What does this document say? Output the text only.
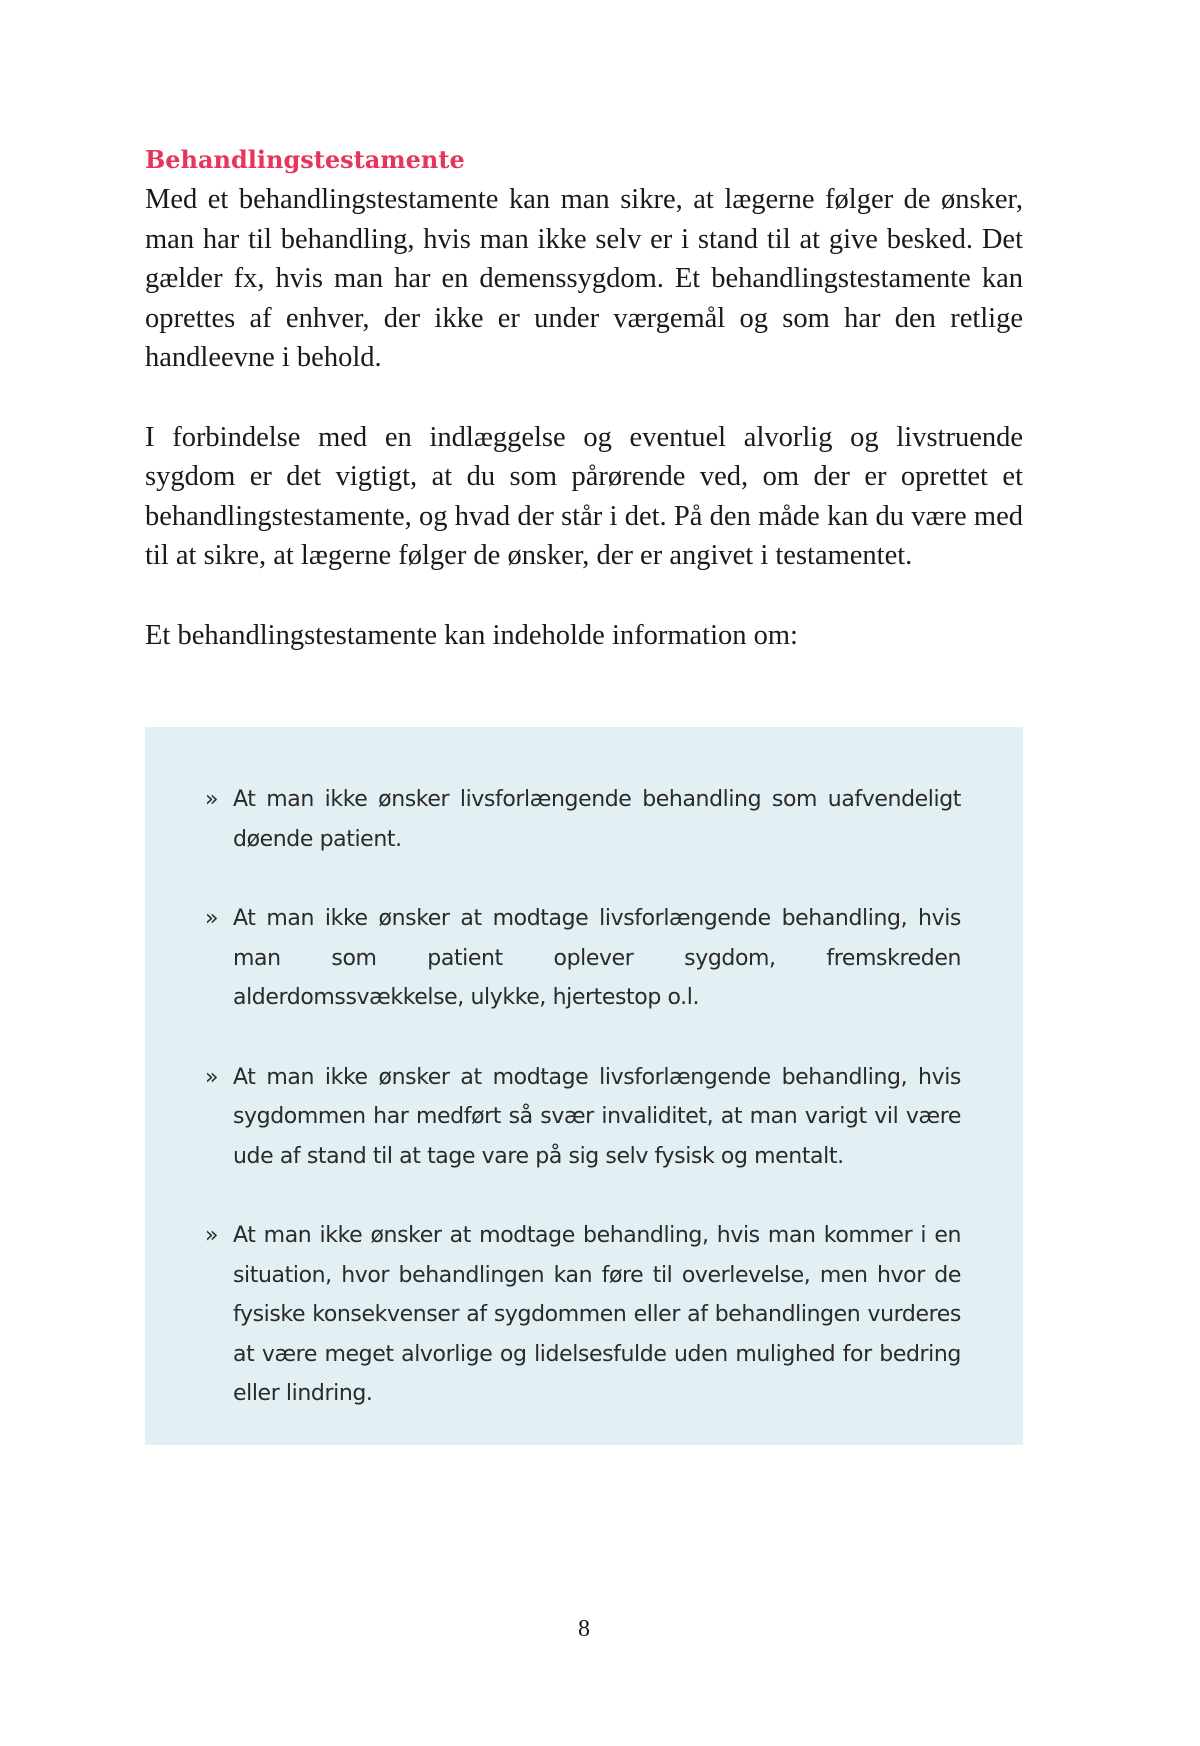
Behandlingstestamente

Med et behandlingstestamente kan man sikre, at lægerne følger de ønsker, man har til behandling, hvis man ikke selv er i stand til at give besked. Det gælder fx, hvis man har en demenssygdom. Et behandlingstestamente kan oprettes af enhver, der ikke er under værgemål og som har den retlige handleevne i behold.

I forbindelse med en indlæggelse og eventuel alvorlig og livstruende sygdom er det vigtigt, at du som pårørende ved, om der er oprettet et behandlingstestamente, og hvad der står i det. På den måde kan du være med til at sikre, at lægerne følger de ønsker, der er angivet i testamentet.

Et behandlingstestamente kan indeholde information om:

» At man ikke ønsker livsforlængende behandling som uafvendeligt døende patient.
» At man ikke ønsker at modtage livsforlængende behandling, hvis man som patient oplever sygdom, fremskreden alderdomssvækkelse, ulykke, hjertestop o.l.
» At man ikke ønsker at modtage livsforlængende behandling, hvis sygdommen har medført så svær invaliditet, at man varigt vil være ude af stand til at tage vare på sig selv fysisk og mentalt.
» At man ikke ønsker at modtage behandling, hvis man kommer i en situation, hvor behandlingen kan føre til overlevelse, men hvor de fysiske konsekvenser af sygdommen eller af behandlingen vurderes at være meget alvorlige og lidelsesfulde uden mulighed for bedring eller lindring.
8
